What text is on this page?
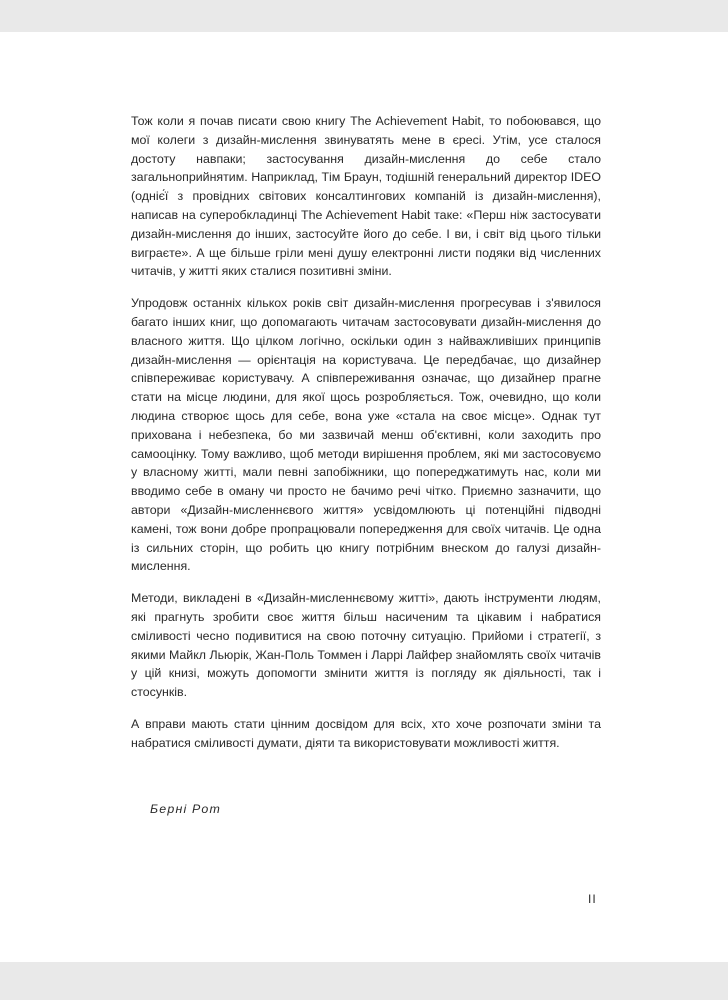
Тож коли я почав писати свою книгу The Achievement Habit, то побоювався, що мої колеги з дизайн-мислення звинуватять мене в єресі. Утім, усе сталося достоту навпаки; застосування дизайн-мислення до себе стало загальноприйнятим. Наприклад, Тім Браун, тодішній генеральний директор IDEO (одніє́ї з провідних світових консалтингових компаній із дизайн-мислення), написав на суперобкладинці The Achievement Habit таке: «Перш ніж застосувати дизайн-мислення до інших, застосуйте його до себе. І ви, і світ від цього тільки виграєте». А ще більше гріли мені душу електронні листи подяки від численних читачів, у житті яких сталися позитивні зміни.

Упродовж останніх кількох років світ дизайн-мислення прогресував і з'явилося багато інших книг, що допомагають читачам застосовувати дизайн-мислення до власного життя. Що цілком логічно, оскільки один з найважливіших принципів дизайн-мислення — орієнтація на користувача. Це передбачає, що дизайнер співпереживає користувачу. А співпереживання означає, що дизайнер прагне стати на місце людини, для якої щось розробляється. Тож, очевидно, що коли людина створює щось для себе, вона уже «стала на своє місце». Однак тут прихована і небезпека, бо ми зазвичай менш об'єктивні, коли заходить про самооцінку. Тому важливо, щоб методи вирішення проблем, які ми застосовуємо у власному житті, мали певні запобіжники, що попереджатимуть нас, коли ми вводимо себе в оману чи просто не бачимо речі чітко. Приємно зазначити, що автори «Дизайн-мисленнєвого життя» усвідомлюють ці потенційні підводні камені, тож вони добре пропрацювали попередження для своїх читачів. Це одна із сильних сторін, що робить цю книгу потрібним внеском до галузі дизайн-мислення.

Методи, викладені в «Дизайн-мисленнєвому житті», дають інструменти людям, які прагнуть зробити своє життя більш насиченим та цікавим і набратися сміливості чесно подивитися на свою поточну ситуацію. Прийоми і стратегії, з якими Майкл Льюрік, Жан-Поль Томмен і Ларрі Лайфер знайомлять своїх читачів у цій книзі, можуть допомогти змінити життя із погляду як діяльності, так і стосунків.

А вправи мають стати цінним досвідом для всіх, хто хоче розпочати зміни та набратися сміливості думати, діяти та використовувати можливості життя.

Берні Рот
II
